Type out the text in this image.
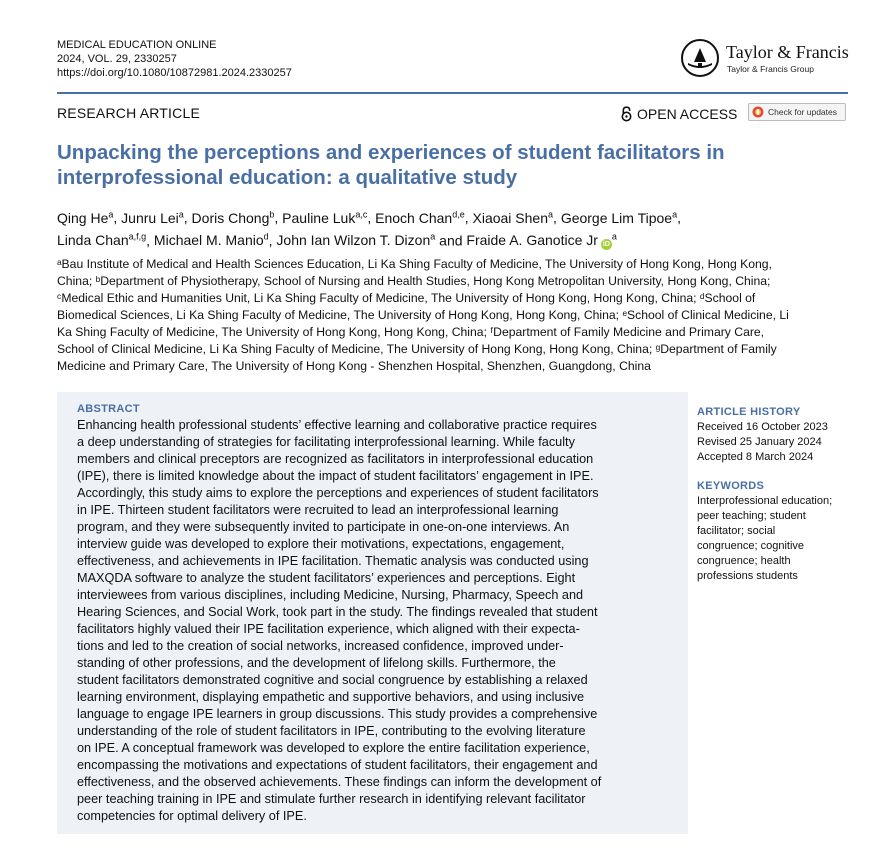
MEDICAL EDUCATION ONLINE
2024, VOL. 29, 2330257
https://doi.org/10.1080/10872981.2024.2330257
Taylor & Francis
Taylor & Francis Group
RESEARCH ARTICLE	OPEN ACCESS	Check for updates
Unpacking the perceptions and experiences of student facilitators in
interprofessional education: a qualitative study
Qing He$^a$, Junru Lei$^a$, Doris Chong$^b$, Pauline Luk$^{a,c}$, Enoch Chan$^{d,e}$, Xiaoai Shen$^a$, George Lim Tipoe$^a$,
Linda Chan$^{a,f,g}$, Michael M. Manio$^d$, John Ian Wilzon T. Dizon$^a$ and Fraide A. Ganotice Jr $iD^a$
ᵃBau Institute of Medical and Health Sciences Education, Li Ka Shing Faculty of Medicine, The University of Hong Kong, Hong Kong,
China; ᵇDepartment of Physiotherapy, School of Nursing and Health Studies, Hong Kong Metropolitan University, Hong Kong, China;
ᶜMedical Ethic and Humanities Unit, Li Ka Shing Faculty of Medicine, The University of Hong Kong, Hong Kong, China; ᵈSchool of
Biomedical Sciences, Li Ka Shing Faculty of Medicine, The University of Hong Kong, Hong Kong, China; ᵉSchool of Clinical Medicine, Li
Ka Shing Faculty of Medicine, The University of Hong Kong, Hong Kong, China; ᶠDepartment of Family Medicine and Primary Care,
School of Clinical Medicine, Li Ka Shing Faculty of Medicine, The University of Hong Kong, Hong Kong, China; ᵍDepartment of Family
Medicine and Primary Care, The University of Hong Kong - Shenzhen Hospital, Shenzhen, Guangdong, China
ABSTRACT
Enhancing health professional students’ effective learning and collaborative practice requires
a deep understanding of strategies for facilitating interprofessional learning. While faculty
members and clinical preceptors are recognized as facilitators in interprofessional education
(IPE), there is limited knowledge about the impact of student facilitators’ engagement in IPE.
Accordingly, this study aims to explore the perceptions and experiences of student facilitators
in IPE. Thirteen student facilitators were recruited to lead an interprofessional learning
program, and they were subsequently invited to participate in one-on-one interviews. An
interview guide was developed to explore their motivations, expectations, engagement,
effectiveness, and achievements in IPE facilitation. Thematic analysis was conducted using
MAXQDA software to analyze the student facilitators’ experiences and perceptions. Eight
interviewees from various disciplines, including Medicine, Nursing, Pharmacy, Speech and
Hearing Sciences, and Social Work, took part in the study. The findings revealed that student
facilitators highly valued their IPE facilitation experience, which aligned with their expecta-
tions and led to the creation of social networks, increased confidence, improved under-
standing of other professions, and the development of lifelong skills. Furthermore, the
student facilitators demonstrated cognitive and social congruence by establishing a relaxed
learning environment, displaying empathetic and supportive behaviors, and using inclusive
language to engage IPE learners in group discussions. This study provides a comprehensive
understanding of the role of student facilitators in IPE, contributing to the evolving literature
on IPE. A conceptual framework was developed to explore the entire facilitation experience,
encompassing the motivations and expectations of student facilitators, their engagement and
effectiveness, and the observed achievements. These findings can inform the development of
peer teaching training in IPE and stimulate further research in identifying relevant facilitator
competencies for optimal delivery of IPE.
ARTICLE HISTORY
Received 16 October 2023
Revised 25 January 2024
Accepted 8 March 2024
KEYWORDS
Interprofessional education;
peer teaching; student
facilitator; social
congruence; cognitive
congruence; health
professions students
